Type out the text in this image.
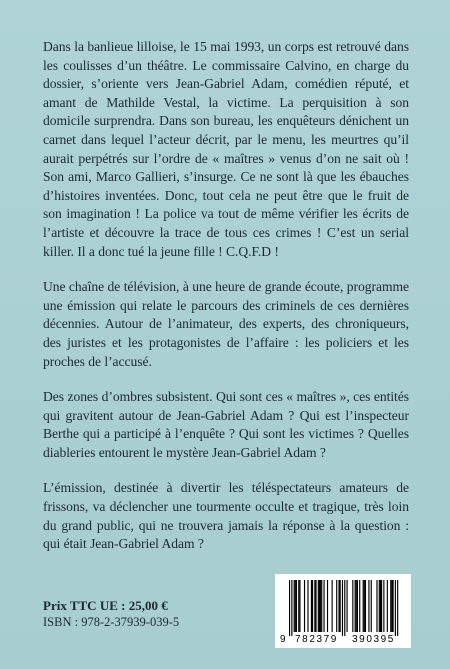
Dans la banlieue lilloise, le 15 mai 1993, un corps est retrouvé dans les coulisses d’un théâtre. Le commissaire Calvino, en charge du dossier, s’oriente vers Jean-Gabriel Adam, comédien réputé, et amant de Mathilde Vestal, la victime. La perquisition à son domicile surprendra. Dans son bureau, les enquêteurs dénichent un carnet dans lequel l’acteur décrit, par le menu, les meurtres qu’il aurait perpétrés sur l’ordre de « maîtres » venus d’on ne sait où ! Son ami, Marco Gallieri, s’insurge. Ce ne sont là que les ébauches d’histoires inventées. Donc, tout cela ne peut être que le fruit de son imagination ! La police va tout de même vérifier les écrits de l’artiste et découvre la trace de tous ces crimes ! C’est un serial killer. Il a donc tué la jeune fille ! C.Q.F.D !

Une chaîne de télévision, à une heure de grande écoute, programme une émission qui relate le parcours des criminels de ces dernières décennies. Autour de l’animateur, des experts, des chroniqueurs, des juristes et les protagonistes de l’affaire : les policiers et les proches de l’accusé.

Des zones d’ombres subsistent. Qui sont ces « maîtres », ces entités qui gravitent autour de Jean-Gabriel Adam ? Qui est l’inspecteur Berthe qui a participé à l’enquête ? Qui sont les victimes ? Quelles diableries entourent le mystère Jean-Gabriel Adam ?

L’émission, destinée à divertir les téléspectateurs amateurs de frissons, va déclencher une tourmente occulte et tragique, très loin du grand public, qui ne trouvera jamais la réponse à la question : qui était Jean-Gabriel Adam ?

Prix TTC UE : 25,00 €
ISBN : 978-2-37939-039-5
9 782379 390395
